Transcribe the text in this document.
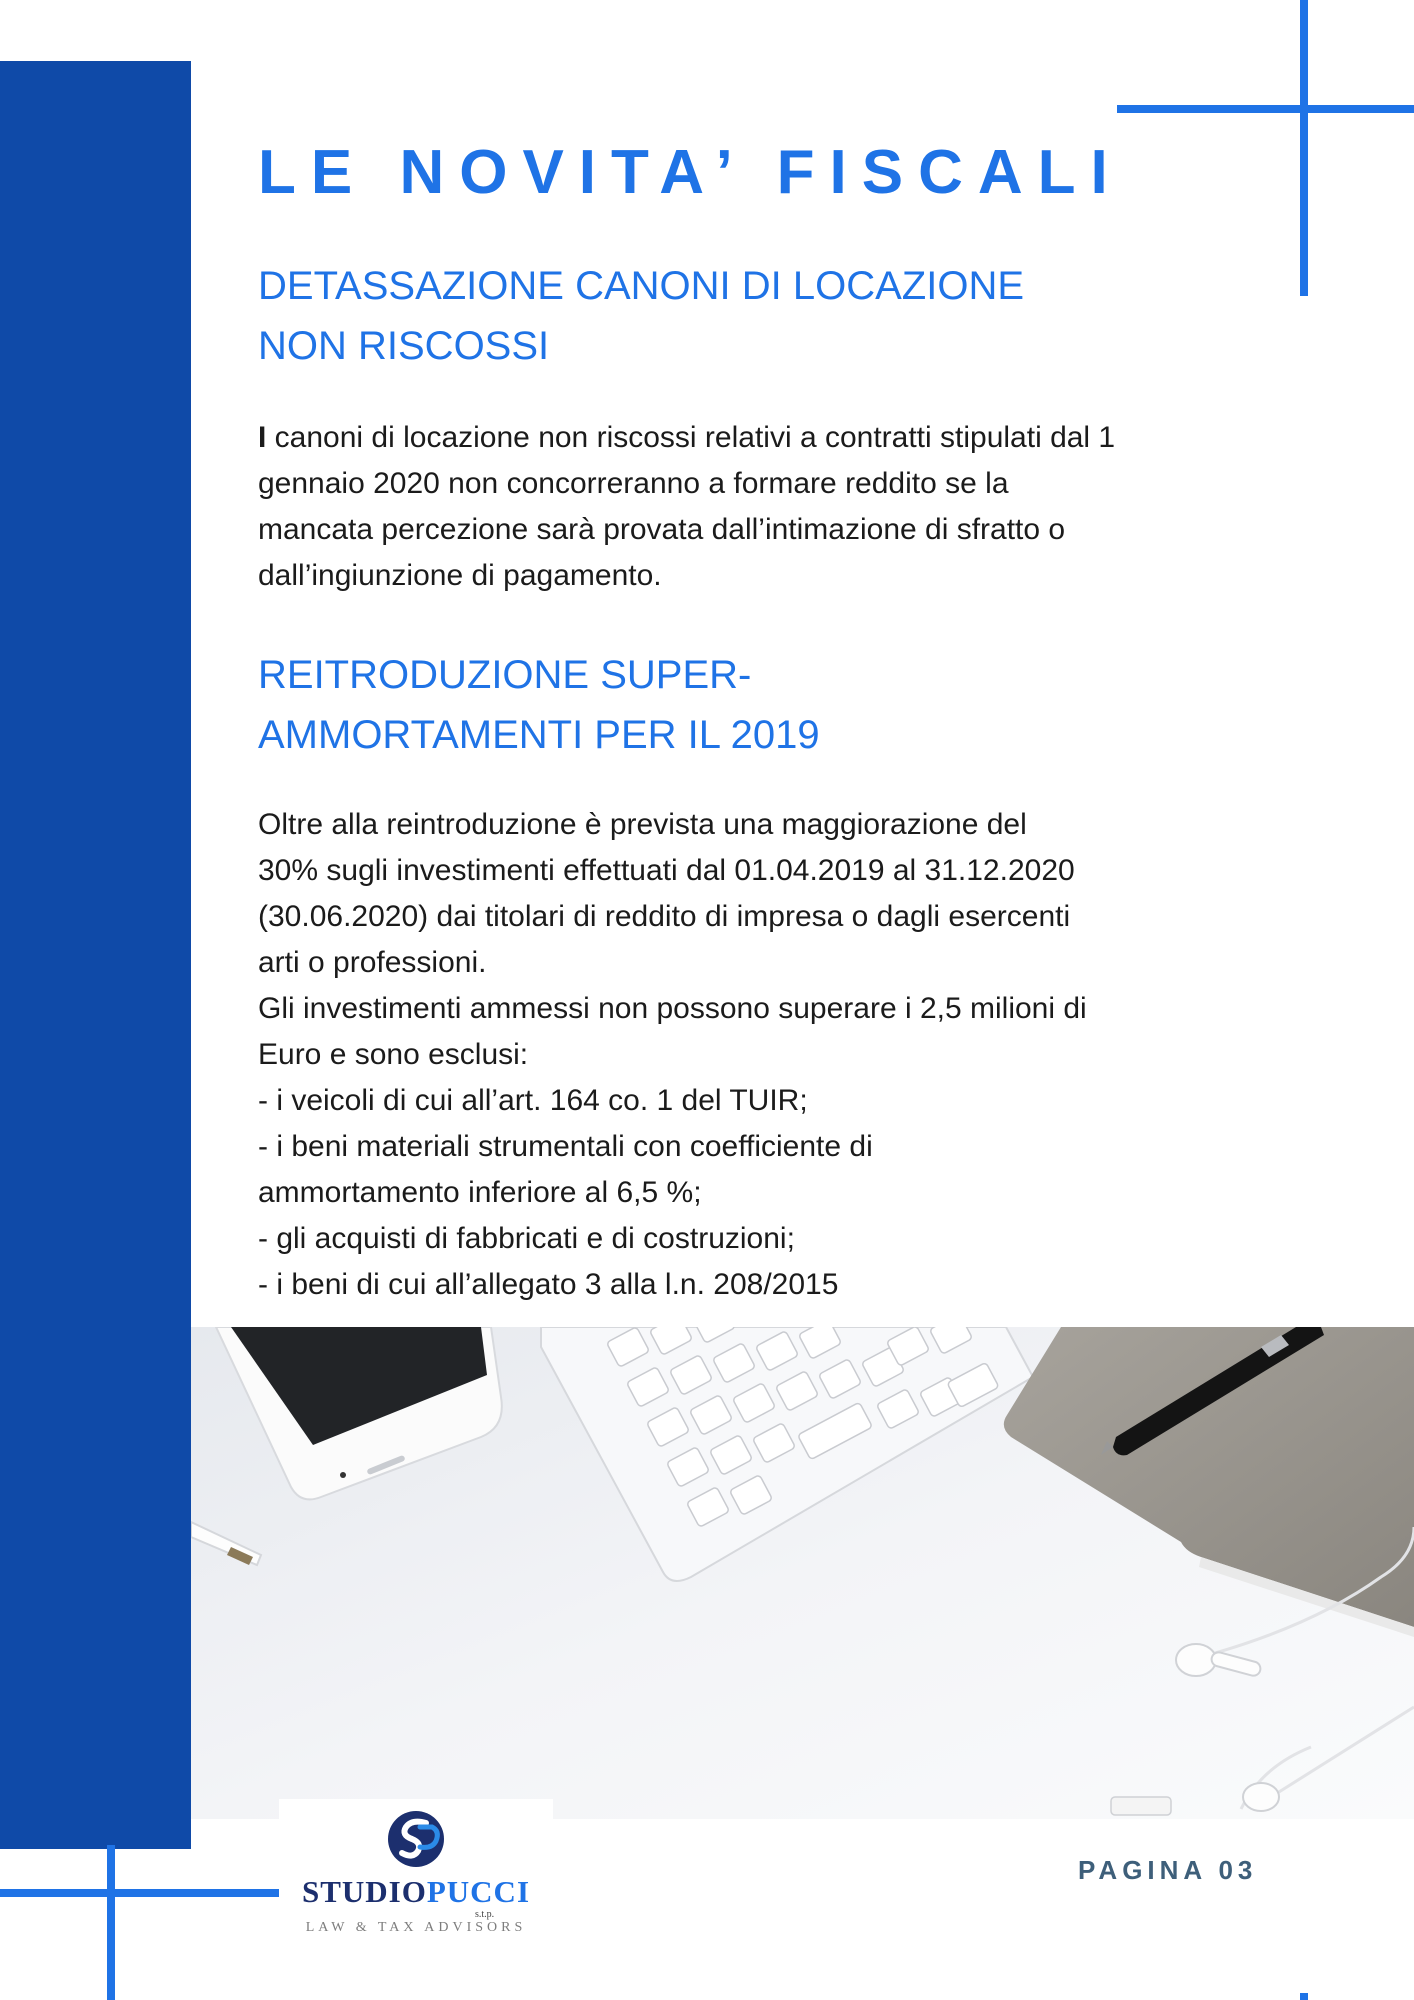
LE NOVITA’ FISCALI
DETASSAZIONE CANONI DI LOCAZIONE
NON RISCOSSI
I canoni di locazione non riscossi relativi a contratti stipulati dal 1
gennaio 2020 non concorreranno a formare reddito se la
mancata percezione sarà provata dall’intimazione di sfratto o
dall’ingiunzione di pagamento.
REITRODUZIONE SUPER-
AMMORTAMENTI PER IL 2019
Oltre alla reintroduzione è prevista una maggiorazione del
30% sugli investimenti effettuati dal 01.04.2019 al 31.12.2020
(30.06.2020) dai titolari di reddito di impresa o dagli esercenti
arti o professioni.
Gli investimenti ammessi non possono superare i 2,5 milioni di
Euro e sono esclusi:
- i veicoli di cui all’art. 164 co. 1 del TUIR;
- i beni materiali strumentali con coefficiente di
ammortamento inferiore al 6,5 %;
- gli acquisti di fabbricati e di costruzioni;
- i beni di cui all’allegato 3 alla l.n. 208/2015
STUDIOPUCCI
s.t.p.
LAW & TAX ADVISORS

PAGINA 03
